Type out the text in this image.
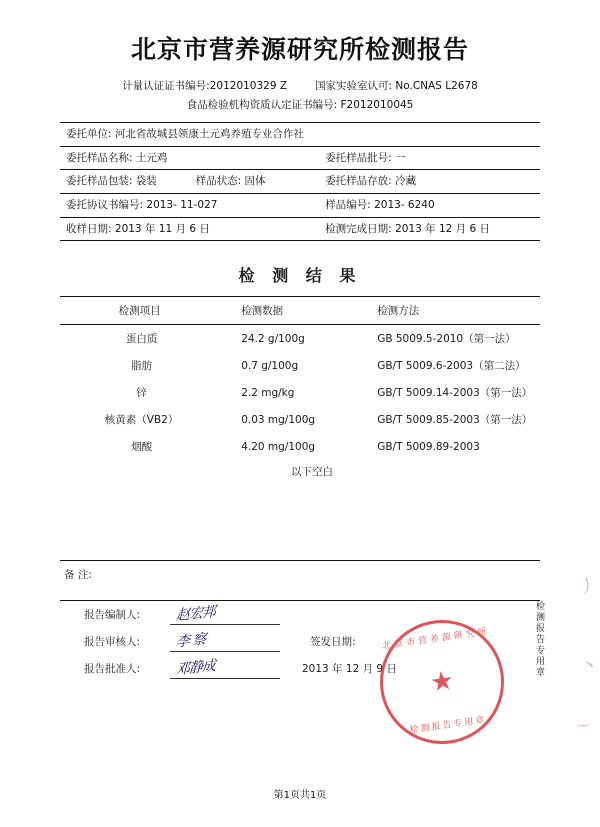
北京市营养源研究所检测报告
计量认证证书编号:2012010329 Z	国家实验室认可: No.CNAS L2678
食品检验机构资质认定证书编号: F2012010045
委托单位: 河北省故城县领康土元鸡养殖专业合作社	
委托样品名称: 土元鸡	委托样品批号: 一
委托样品包装: 袋装 样品状态: 固体	委托样品存放: 冷藏
委托协议书编号: 2013- 11-027	样品编号: 2013- 6240
收样日期: 2013 年 11 月 6 日	检测完成日期: 2013 年 12 月 6 日
检 测 结 果
检测项目	检测数据	检测方法
蛋白质	24.2 g/100g	GB 5009.5-2010（第一法）
脂肪	0.7 g/100g	GB/T 5009.6-2003（第二法）
锌	2.2 mg/kg	GB/T 5009.14-2003（第一法）
核黄素（VB2）	0.03 mg/100g	GB/T 5009.85-2003（第一法）
烟酸	4.20 mg/100g	GB/T 5009.89-2003
以下空白
备 注:
报告编制人:	赵宏邦
报告审核人:	李 察	签发日期:
报告批准人:	邓静成	2013 年 12 月 9 日	检测报告专用章
北京市营养源研究所
★
检测报告专用章
丿
丶
～
第1页共1页
